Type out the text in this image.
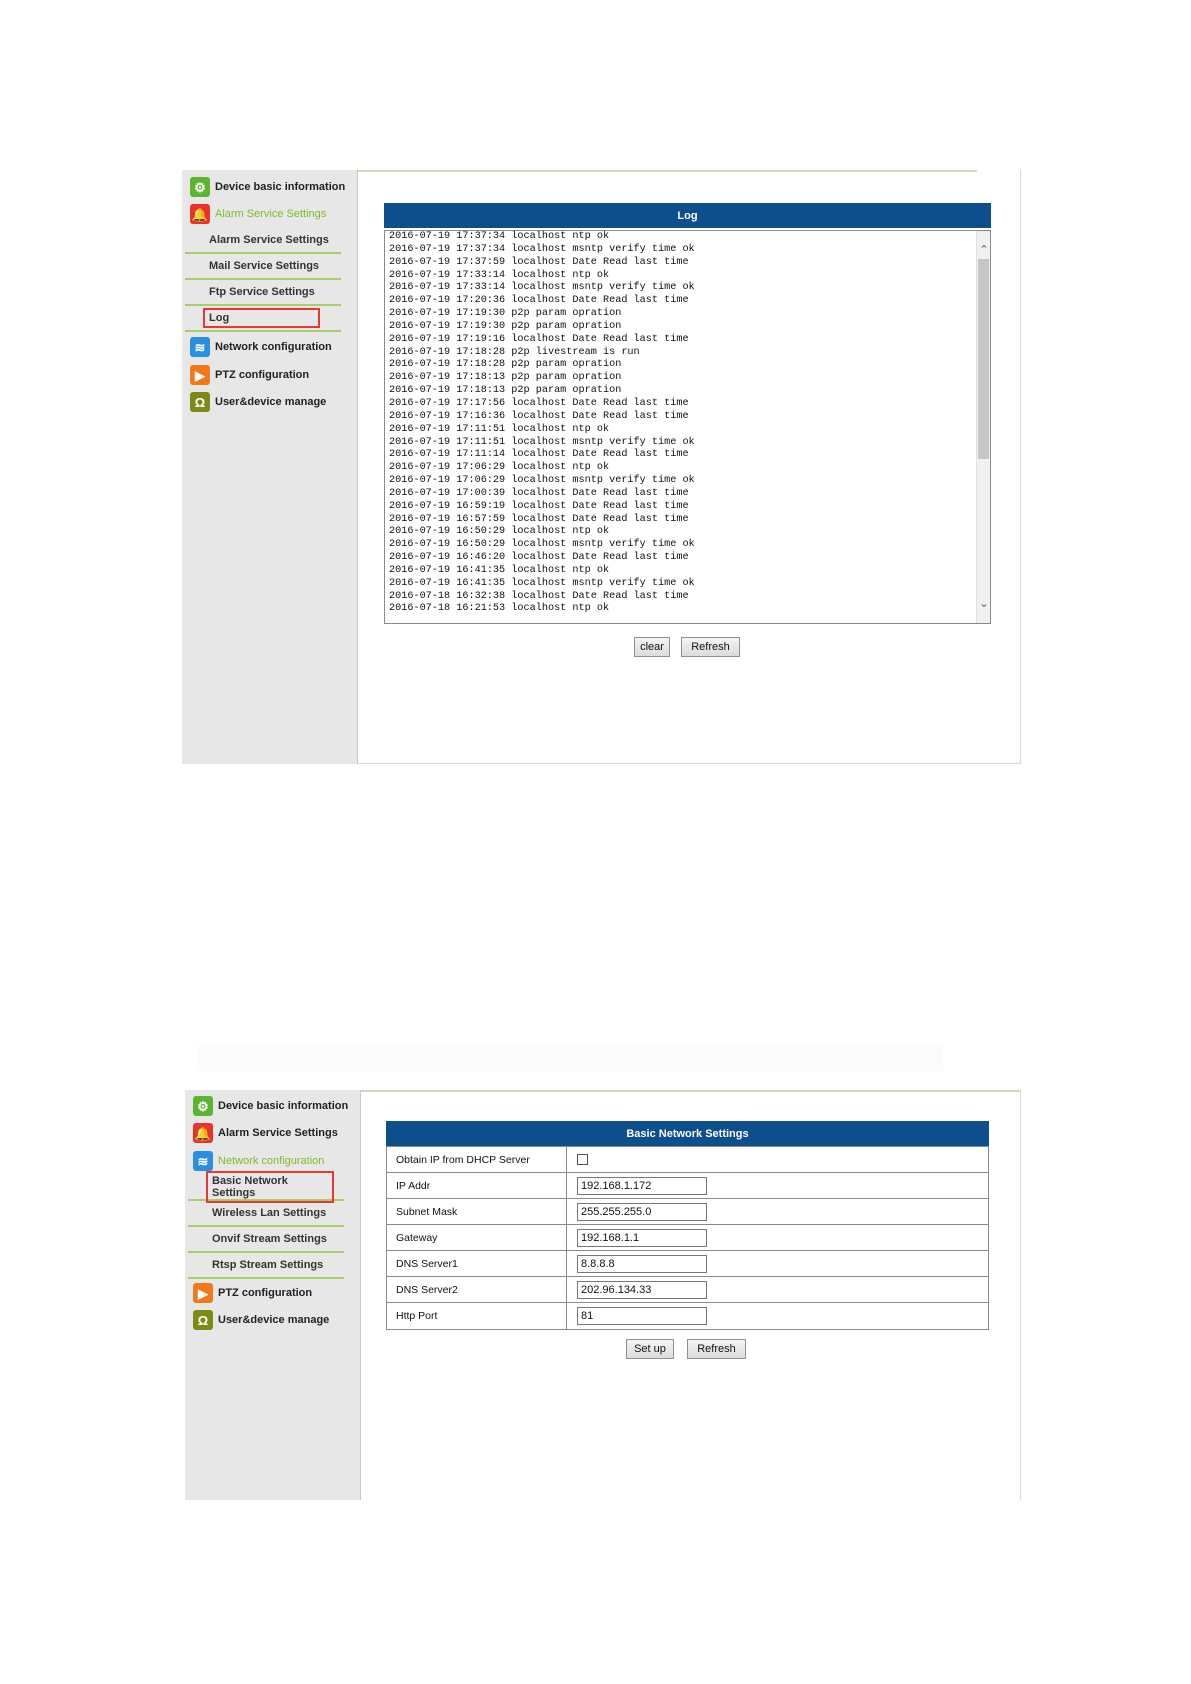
⚙ Device basic information
🔔 Alarm Service Settings
Alarm Service Settings
Mail Service Settings
Ftp Service Settings
Log
≋ Network configuration
▶ PTZ configuration
Ω User&device manage
Log
2016-07-19 17:37:34 localhost ntp ok
2016-07-19 17:37:34 localhost msntp verify time ok
2016-07-19 17:37:59 localhost Date Read last time
2016-07-19 17:33:14 localhost ntp ok
2016-07-19 17:33:14 localhost msntp verify time ok
2016-07-19 17:20:36 localhost Date Read last time
2016-07-19 17:19:30 p2p param opration
2016-07-19 17:19:30 p2p param opration
2016-07-19 17:19:16 localhost Date Read last time
2016-07-19 17:18:28 p2p livestream is run
2016-07-19 17:18:28 p2p param opration
2016-07-19 17:18:13 p2p param opration
2016-07-19 17:18:13 p2p param opration
2016-07-19 17:17:56 localhost Date Read last time
2016-07-19 17:16:36 localhost Date Read last time
2016-07-19 17:11:51 localhost ntp ok
2016-07-19 17:11:51 localhost msntp verify time ok
2016-07-19 17:11:14 localhost Date Read last time
2016-07-19 17:06:29 localhost ntp ok
2016-07-19 17:06:29 localhost msntp verify time ok
2016-07-19 17:00:39 localhost Date Read last time
2016-07-19 16:59:19 localhost Date Read last time
2016-07-19 16:57:59 localhost Date Read last time
2016-07-19 16:50:29 localhost ntp ok
2016-07-19 16:50:29 localhost msntp verify time ok
2016-07-19 16:46:20 localhost Date Read last time
2016-07-19 16:41:35 localhost ntp ok
2016-07-19 16:41:35 localhost msntp verify time ok
2016-07-18 16:32:38 localhost Date Read last time
2016-07-18 16:21:53 localhost ntp ok
⌃
⌄
clear	Refresh
⚙ Device basic information
🔔 Alarm Service Settings
≋ Network configuration
Basic Network Settings
Wireless Lan Settings
Onvif Stream Settings
Rtsp Stream Settings
▶ PTZ configuration
Ω User&device manage
Basic Network Settings
Obtain IP from DHCP Server
IP Addr	192.168.1.172
Subnet Mask	255.255.255.0
Gateway	192.168.1.1
DNS Server1	8.8.8.8
DNS Server2	202.96.134.33
Http Port	81
Set up	Refresh
